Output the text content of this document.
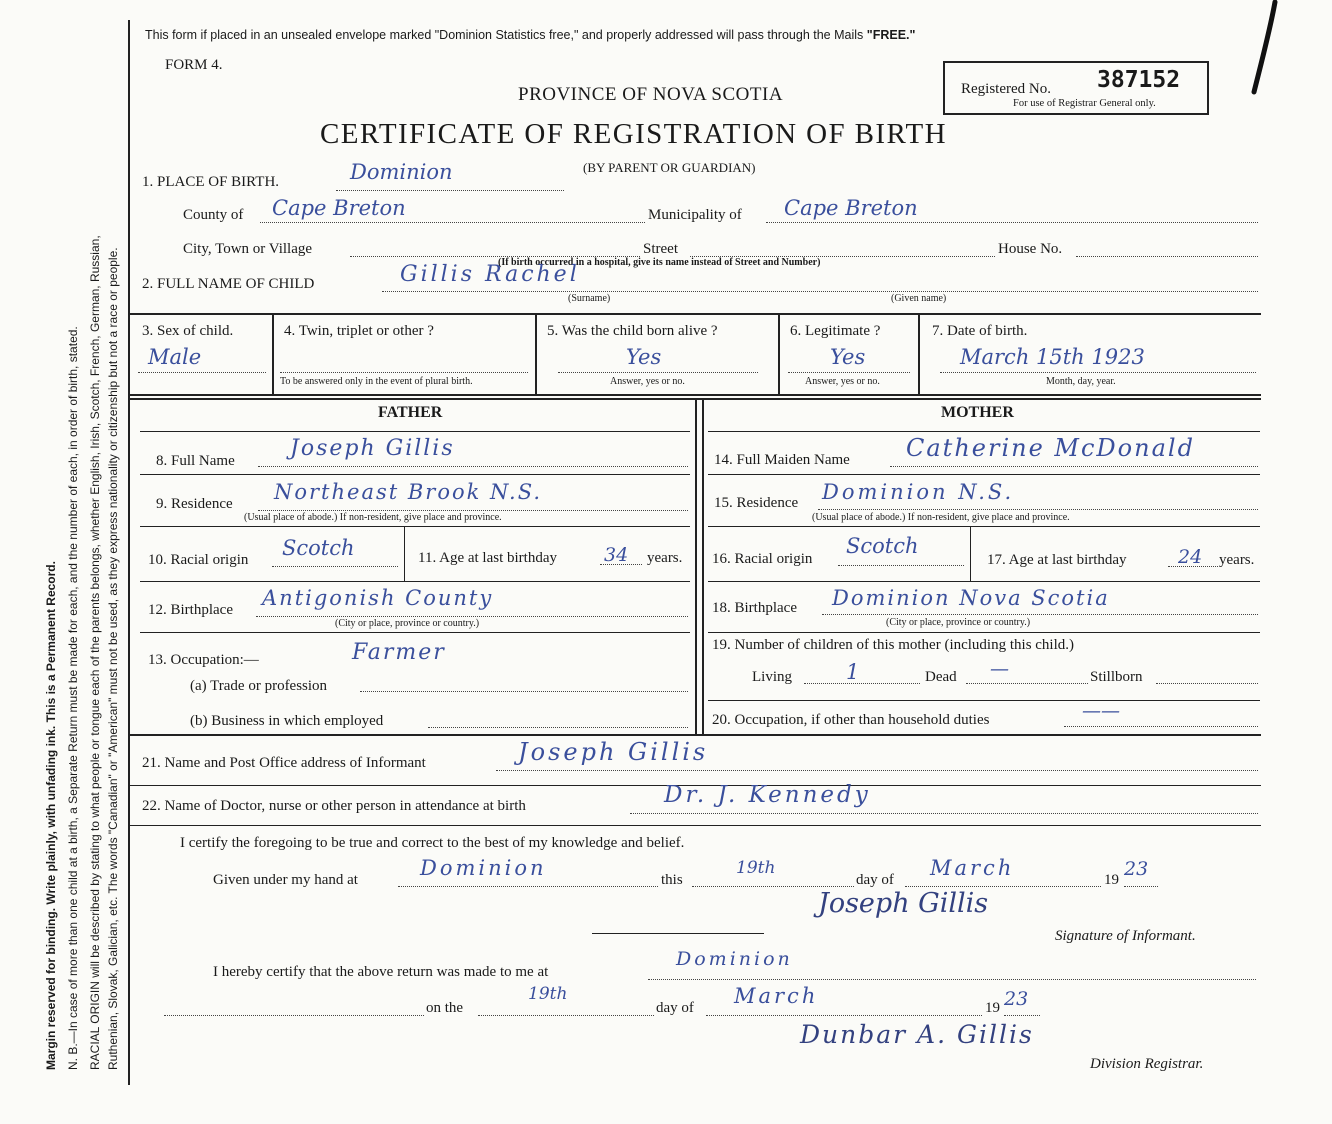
Margin reserved for binding. Write plainly, with unfading ink. This is a Permanent Record. N. B.—In case of more than one child at a birth, a Separate Return must be made for each, and the number of each, in order of birth, stated. RACIAL ORIGIN will be described by stating to what people or tongue each of the parents belongs, whether English, Irish, Scotch, French, German, Russian, Ruthenian, Slovak, Galician, etc. The words "Canadian" or "American" must not be used, as they express nationality or citizenship but not a race or people.
This form if placed in an unsealed envelope marked "Dominion Statistics free," and properly addressed will pass through the Mails "FREE."
FORM 4.
PROVINCE OF NOVA SCOTIA
CERTIFICATE OF REGISTRATION OF BIRTH
(BY PARENT OR GUARDIAN)
Registered No. 387152
For use of Registrar General only.
1. PLACE OF BIRTH.	Dominion
County of Cape Breton	Municipality of Cape Breton
City, Town or Village	Street	House No.
(If birth occurred in a hospital, give its name instead of Street and Number)
2. FULL NAME OF CHILD	Gillis Rachel
(Surname)	(Given name)
3. Sex of child.
Male
4. Twin, triplet or other ?
To be answered only in the event of plural birth.
5. Was the child born alive ?
Yes
Answer, yes or no.
6. Legitimate ?
Yes
Answer, yes or no.
7. Date of birth.
March 15th 1923
Month, day, year.
FATHER	MOTHER
8. Full Name	Joseph Gillis
9. Residence Northeast Brook N.S.
(Usual place of abode.) If non-resident, give place and province.
10. Racial origin Scotch	11. Age at last birthday 34 years.
12. Birthplace Antigonish County
(City or place, province or country.)
13. Occupation:—	Farmer
(a) Trade or profession
(b) Business in which employed
14. Full Maiden Name Catherine McDonald
15. Residence Dominion N.S.
(Usual place of abode.) If non-resident, give place and province.
16. Racial origin
Scotch
17. Age at last birthday	24 years.
18. Birthplace Dominion Nova Scotia
(City or place, province or country.)
19. Number of children of this mother (including this child.)
Living	1	Dead —	Stillborn
20. Occupation, if other than household duties	——
21. Name and Post Office address of Informant	Joseph Gillis
22. Name of Doctor, nurse or other person in attendance at birth	Dr. J. Kennedy
I certify the foregoing to be true and correct to the best of my knowledge and belief.
Given under my hand at	Dominion	this
19th
day of March	19 23
Joseph Gillis
Signature of Informant.
I hereby certify that the above return was made to me at
Dominion
on the
19th
day of March	19 23
Dunbar A. Gillis
Division Registrar.
